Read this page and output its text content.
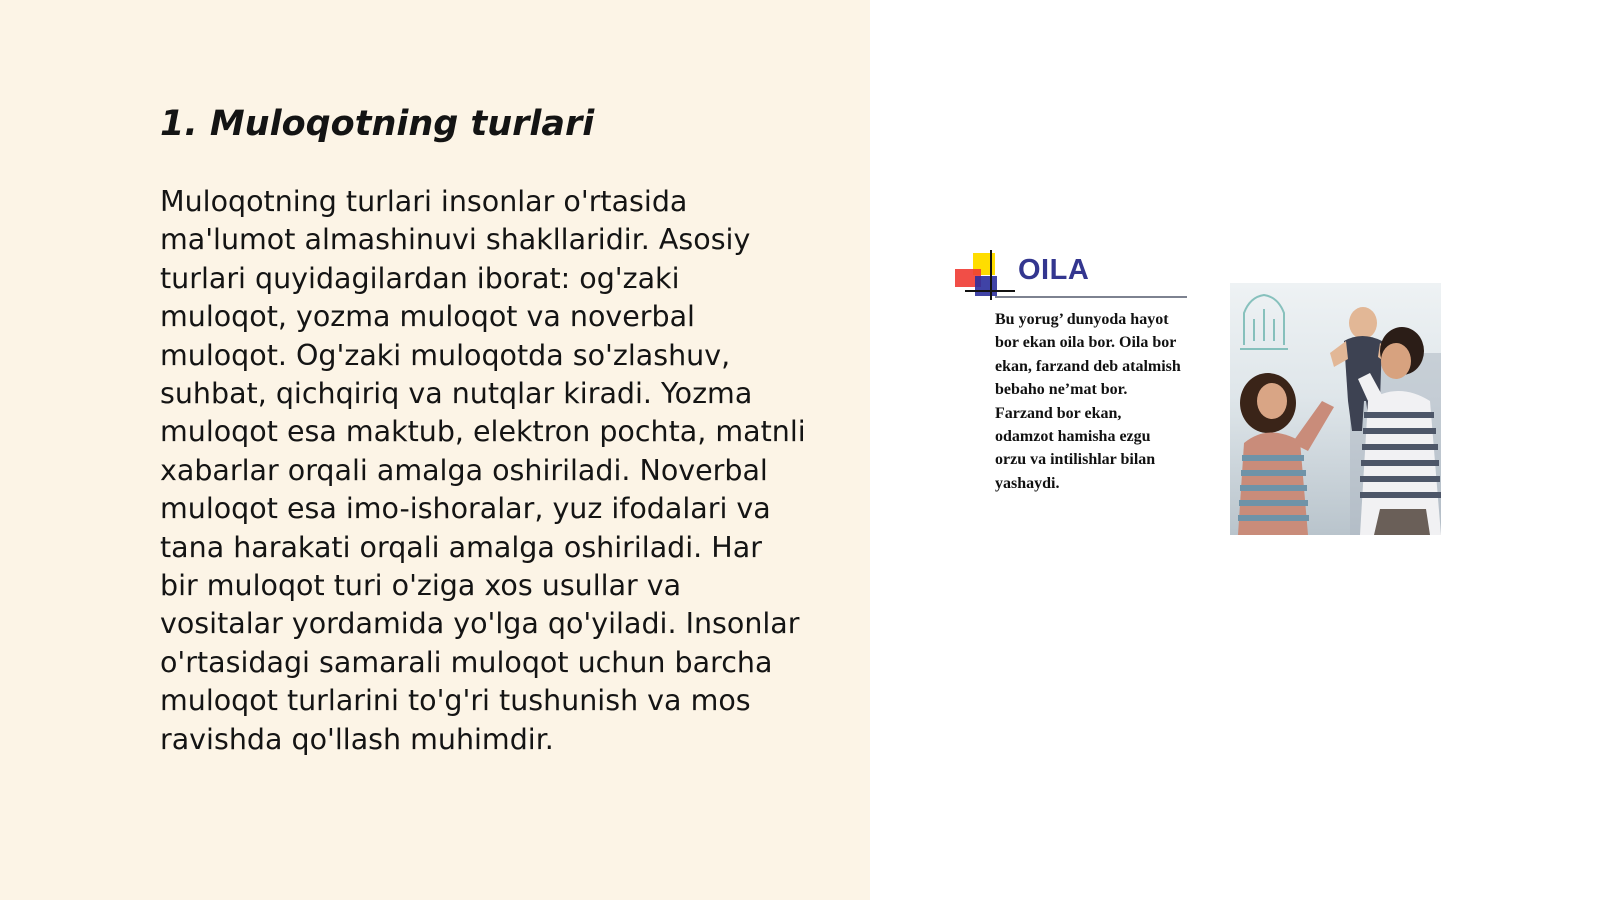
1. Muloqotning turlari

Muloqotning turlari insonlar o'rtasida
ma'lumot almashinuvi shakllaridir. Asosiy
turlari quyidagilardan iborat: og'zaki
muloqot, yozma muloqot va noverbal
muloqot. Og'zaki muloqotda so'zlashuv,
suhbat, qichqiriq va nutqlar kiradi. Yozma
muloqot esa maktub, elektron pochta, matnli
xabarlar orqali amalga oshiriladi. Noverbal
muloqot esa imo-ishoralar, yuz ifodalari va
tana harakati orqali amalga oshiriladi. Har
bir muloqot turi o'ziga xos usullar va
vositalar yordamida yo'lga qo'yiladi. Insonlar
o'rtasidagi samarali muloqot uchun barcha
muloqot turlarini to'g'ri tushunish va mos
ravishda qo'llash muhimdir.

OILA

Bu yorug’ dunyoda hayot
bor ekan oila bor. Oila bor
ekan, farzand deb atalmish
bebaho ne’mat bor.
Farzand bor ekan,
odamzot hamisha ezgu
orzu va intilishlar bilan
yashaydi.
